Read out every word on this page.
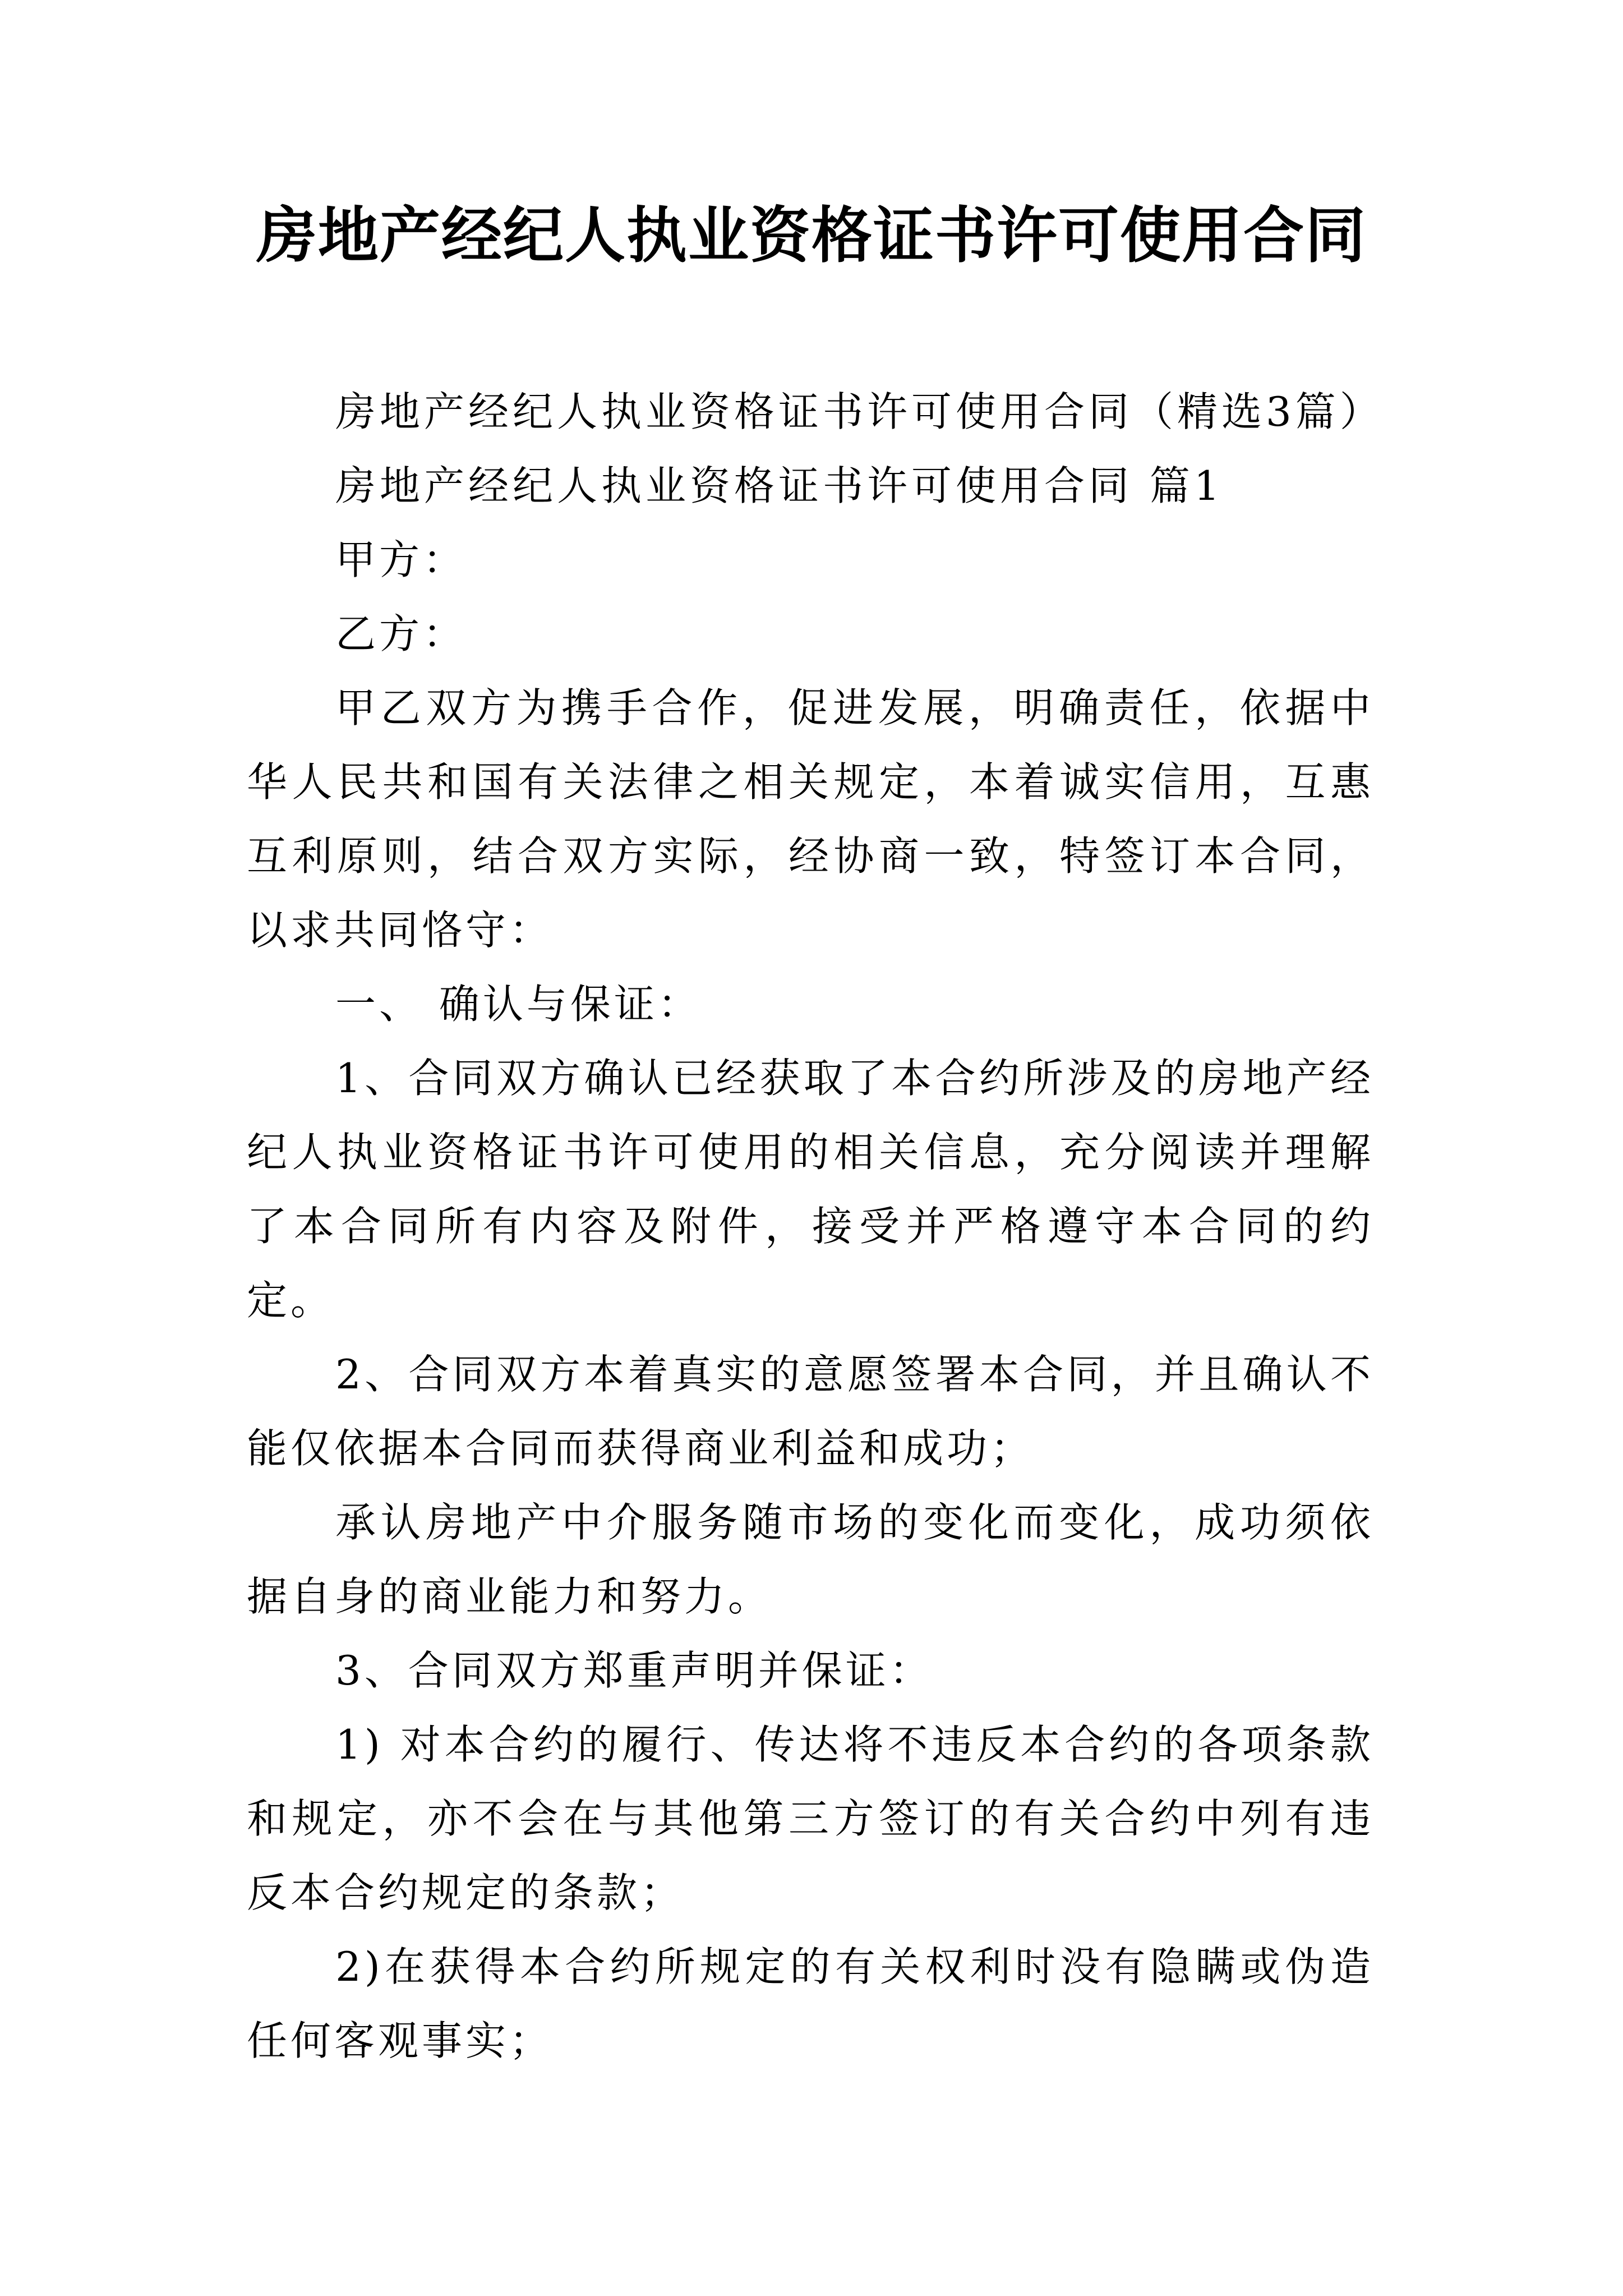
房地产经纪人执业资格证书许可使用合同

房地产经纪人执业资格证书许可使用合同（精选3篇）

房地产经纪人执业资格证书许可使用合同 篇1

甲方：

乙方：

甲乙双方为携手合作，促进发展，明确责任，依据中华人民共和国有关法律之相关规定，本着诚实信用，互惠互利原则，结合双方实际，经协商一致，特签订本合同，以求共同恪守：

一、 确认与保证：

1、合同双方确认已经获取了本合约所涉及的房地产经纪人执业资格证书许可使用的相关信息，充分阅读并理解了本合同所有内容及附件，接受并严格遵守本合同的约定。

2、合同双方本着真实的意愿签署本合同，并且确认不能仅依据本合同而获得商业利益和成功；

承认房地产中介服务随市场的变化而变化，成功须依据自身的商业能力和努力。

3、合同双方郑重声明并保证：

1) 对本合约的履行、传达将不违反本合约的各项条款和规定，亦不会在与其他第三方签订的有关合约中列有违反本合约规定的条款；

2)在获得本合约所规定的有关权利时没有隐瞒或伪造任何客观事实；
